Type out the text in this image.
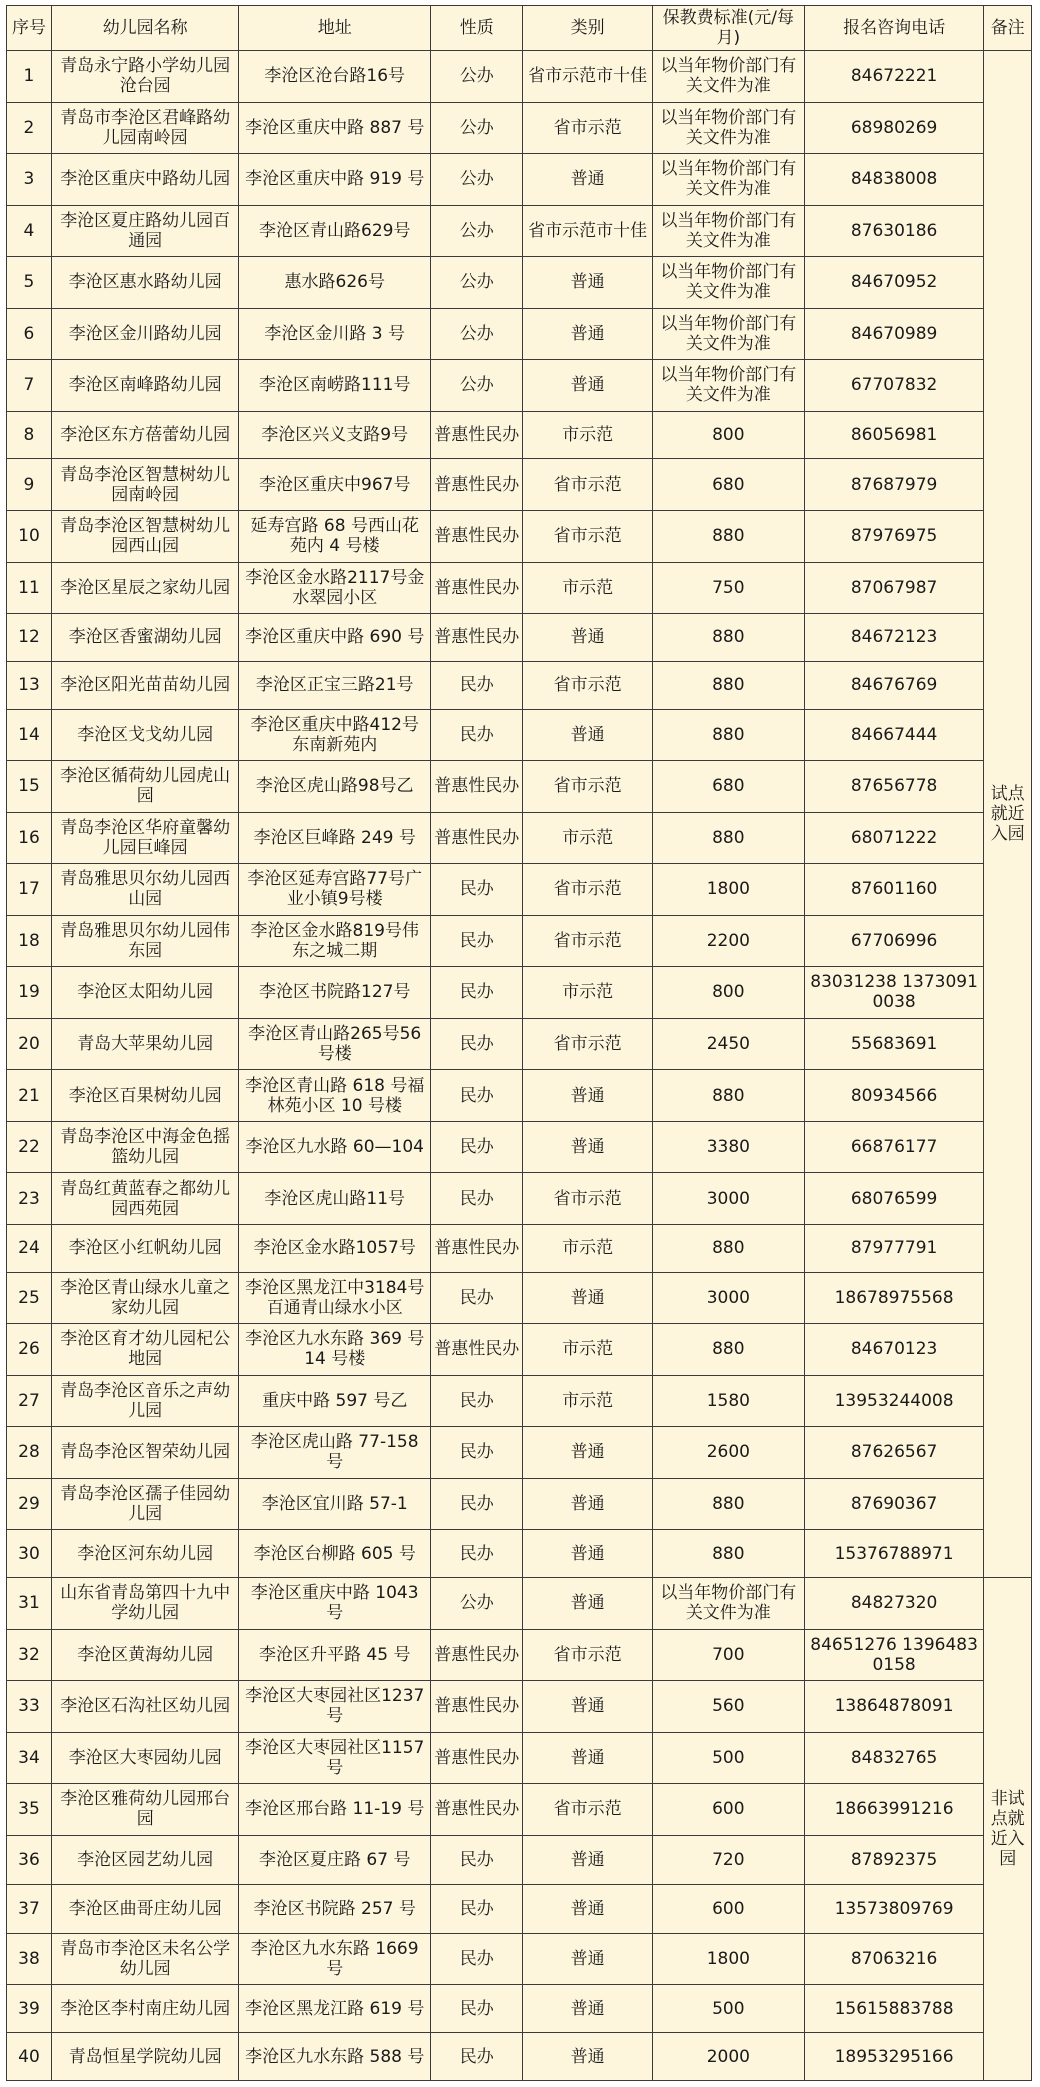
序号	幼儿园名称	地址	性质	类别	保教费标准(元/每月)	报名咨询电话	备注
1	青岛永宁路小学幼儿园沧台园	李沧区沧台路16号	公办	省市示范市十佳	以当年物价部门有关文件为准	84672221	试点就近入园
2	青岛市李沧区君峰路幼儿园南岭园	李沧区重庆中路 887 号	公办	省市示范	以当年物价部门有关文件为准	68980269	
3	李沧区重庆中路幼儿园	李沧区重庆中路 919 号	公办	普通	以当年物价部门有关文件为准	84838008	
4	李沧区夏庄路幼儿园百通园	李沧区青山路629号	公办	省市示范市十佳	以当年物价部门有关文件为准	87630186	
5	李沧区惠水路幼儿园	惠水路626号	公办	普通	以当年物价部门有关文件为准	84670952	
6	李沧区金川路幼儿园	李沧区金川路 3 号	公办	普通	以当年物价部门有关文件为准	84670989	
7	李沧区南峰路幼儿园	李沧区南崂路111号	公办	普通	以当年物价部门有关文件为准	67707832	
8	李沧区东方蓓蕾幼儿园	李沧区兴义支路9号	普惠性民办	市示范	800	86056981	
9	青岛李沧区智慧树幼儿园南岭园	李沧区重庆中967号	普惠性民办	省市示范	680	87687979	
10	青岛李沧区智慧树幼儿园西山园	延寿宫路 68 号西山花苑内 4 号楼	普惠性民办	省市示范	880	87976975	
11	李沧区星辰之家幼儿园	李沧区金水路2117号金水翠园小区	普惠性民办	市示范	750	87067987	
12	李沧区香蜜湖幼儿园	李沧区重庆中路 690 号	普惠性民办	普通	880	84672123	
13	李沧区阳光苗苗幼儿园	李沧区正宝三路21号	民办	省市示范	880	84676769	
14	李沧区戈戈幼儿园	李沧区重庆中路412号东南新苑内	民办	普通	880	84667444	
15	李沧区循荷幼儿园虎山园	李沧区虎山路98号乙	普惠性民办	省市示范	680	87656778	
16	青岛李沧区华府童馨幼儿园巨峰园	李沧区巨峰路 249 号	普惠性民办	市示范	880	68071222	
17	青岛雅思贝尔幼儿园西山园	李沧区延寿宫路77号广业小镇9号楼	民办	省市示范	1800	87601160	
18	青岛雅思贝尔幼儿园伟东园	李沧区金水路819号伟东之城二期	民办	省市示范	2200	67706996	
19	李沧区太阳幼儿园	李沧区书院路127号	民办	市示范	800	83031238 13730910038	
20	青岛大苹果幼儿园	李沧区青山路265号56号楼	民办	省市示范	2450	55683691	
21	李沧区百果树幼儿园	李沧区青山路 618 号福林苑小区 10 号楼	民办	普通	880	80934566	
22	青岛李沧区中海金色摇篮幼儿园	李沧区九水路 60—104	民办	普通	3380	66876177	
23	青岛红黄蓝春之都幼儿园西苑园	李沧区虎山路11号	民办	省市示范	3000	68076599	
24	李沧区小红帆幼儿园	李沧区金水路1057号	普惠性民办	市示范	880	87977791	
25	李沧区青山绿水儿童之家幼儿园	李沧区黑龙江中3184号百通青山绿水小区	民办	普通	3000	18678975568	
26	李沧区育才幼儿园杞公地园	李沧区九水东路 369 号 14 号楼	普惠性民办	市示范	880	84670123	
27	青岛李沧区音乐之声幼儿园	重庆中路 597 号乙	民办	市示范	1580	13953244008	
28	青岛李沧区智荣幼儿园	李沧区虎山路 77-158 号	民办	普通	2600	87626567	
29	青岛李沧区孺子佳园幼儿园	李沧区宜川路 57-1	民办	普通	880	87690367	
30	李沧区河东幼儿园	李沧区台柳路 605 号	民办	普通	880	15376788971	
31	山东省青岛第四十九中学幼儿园	李沧区重庆中路 1043 号	公办	普通	以当年物价部门有关文件为准	84827320	非试点就近入园
32	李沧区黄海幼儿园	李沧区升平路 45 号	普惠性民办	省市示范	700	84651276 13964830158	
33	李沧区石沟社区幼儿园	李沧区大枣园社区1237号	普惠性民办	普通	560	13864878091	
34	李沧区大枣园幼儿园	李沧区大枣园社区1157号	普惠性民办	普通	500	84832765	
35	李沧区雅荷幼儿园邢台园	李沧区邢台路 11-19 号	普惠性民办	省市示范	600	18663991216	
36	李沧区园艺幼儿园	李沧区夏庄路 67 号	民办	普通	720	87892375	
37	李沧区曲哥庄幼儿园	李沧区书院路 257 号	民办	普通	600	13573809769	
38	青岛市李沧区未名公学幼儿园	李沧区九水东路 1669 号	民办	普通	1800	87063216	
39	李沧区李村南庄幼儿园	李沧区黑龙江路 619 号	民办	普通	500	15615883788	
40	青岛恒星学院幼儿园	李沧区九水东路 588 号	民办	普通	2000	18953295166	
